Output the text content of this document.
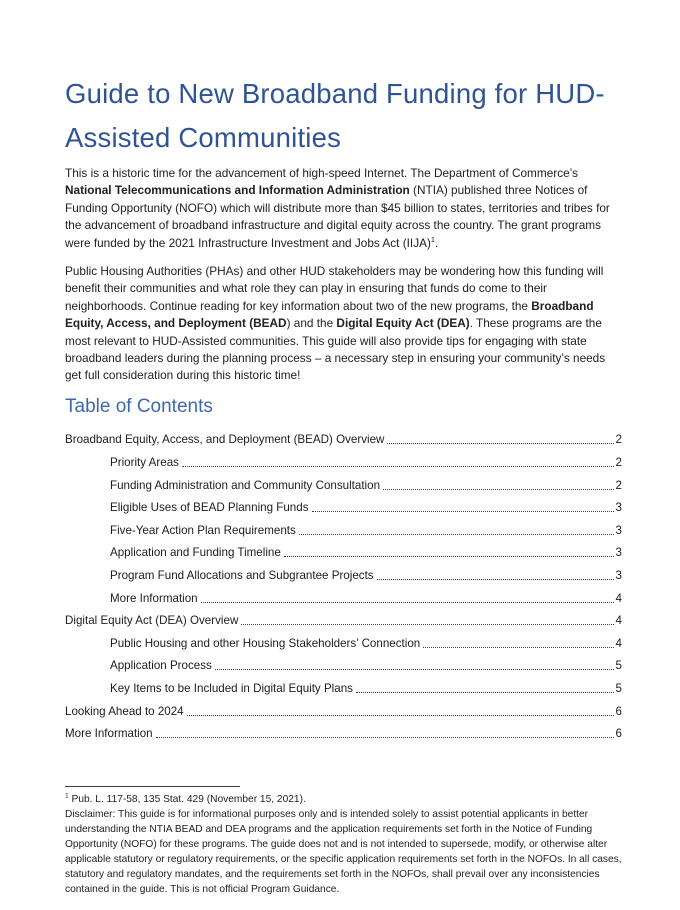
Guide to New Broadband Funding for HUD-Assisted Communities

This is a historic time for the advancement of high-speed Internet. The Department of Commerce’s National Telecommunications and Information Administration (NTIA) published three Notices of Funding Opportunity (NOFO) which will distribute more than $45 billion to states, territories and tribes for the advancement of broadband infrastructure and digital equity across the country. The grant programs were funded by the 2021 Infrastructure Investment and Jobs Act (IIJA)$^1$.

Public Housing Authorities (PHAs) and other HUD stakeholders may be wondering how this funding will benefit their communities and what role they can play in ensuring that funds do come to their neighborhoods. Continue reading for key information about two of the new programs, the Broadband Equity, Access, and Deployment (BEAD) and the Digital Equity Act (DEA). These programs are the most relevant to HUD-Assisted communities. This guide will also provide tips for engaging with state broadband leaders during the planning process – a necessary step in ensuring your community’s needs get full consideration during this historic time!

Table of Contents
Broadband Equity, Access, and Deployment (BEAD) Overview	2
Priority Areas	2
Funding Administration and Community Consultation	2
Eligible Uses of BEAD Planning Funds	3
Five-Year Action Plan Requirements	3
Application and Funding Timeline	3
Program Fund Allocations and Subgrantee Projects	3
More Information	4
Digital Equity Act (DEA) Overview	4
Public Housing and other Housing Stakeholders’ Connection	4
Application Process	5
Key Items to be Included in Digital Equity Plans	5
Looking Ahead to 2024	6
More Information	6

$^1$ Pub. L. 117-58, 135 Stat. 429 (November 15, 2021).

Disclaimer: This guide is for informational purposes only and is intended solely to assist potential applicants in better understanding the NTIA BEAD and DEA programs and the application requirements set forth in the Notice of Funding Opportunity (NOFO) for these programs. The guide does not and is not intended to supersede, modify, or otherwise alter applicable statutory or regulatory requirements, or the specific application requirements set forth in the NOFOs. In all cases, statutory and regulatory mandates, and the requirements set forth in the NOFOs, shall prevail over any inconsistencies contained in the guide. This is not official Program Guidance.
